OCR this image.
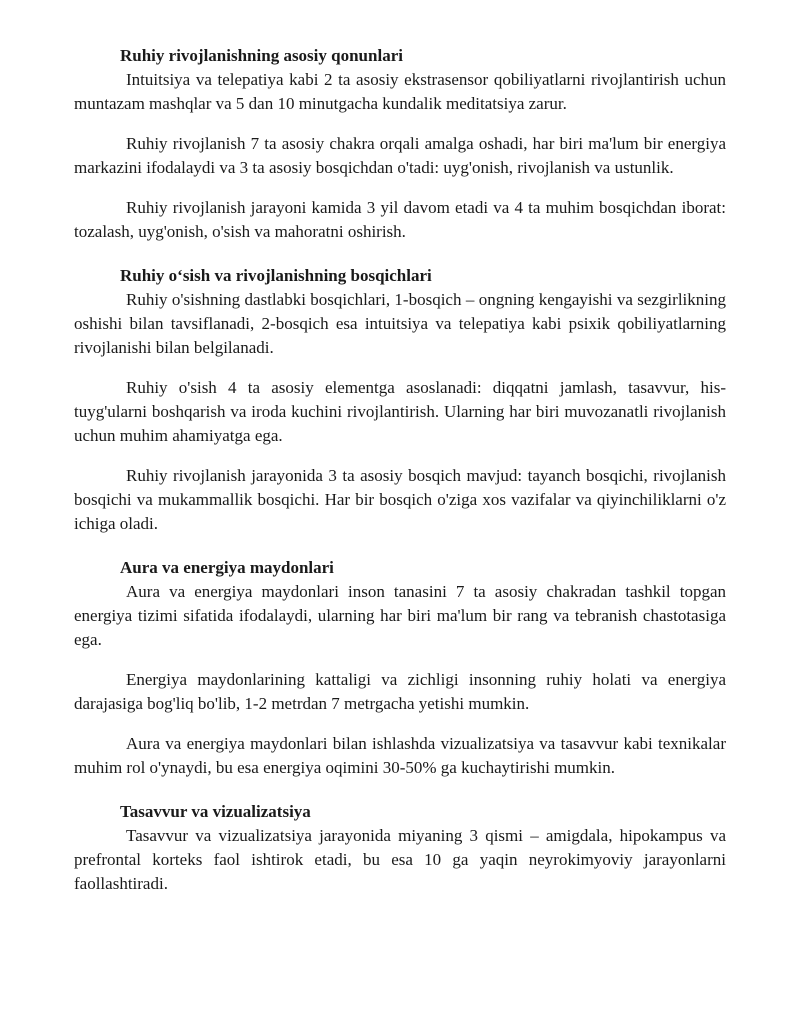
Ruhiy rivojlanishning asosiy qonunlari

Intuitsiya va telepatiya kabi 2 ta asosiy ekstrasensor qobiliyatlarni rivojlantirish uchun muntazam mashqlar va 5 dan 10 minutgacha kundalik meditatsiya zarur.

Ruhiy rivojlanish 7 ta asosiy chakra orqali amalga oshadi, har biri ma'lum bir energiya markazini ifodalaydi va 3 ta asosiy bosqichdan o'tadi: uyg'onish, rivojlanish va ustunlik.

Ruhiy rivojlanish jarayoni kamida 3 yil davom etadi va 4 ta muhim bosqichdan iborat: tozalash, uyg'onish, o'sish va mahoratni oshirish.

Ruhiy o‘sish va rivojlanishning bosqichlari

Ruhiy o'sishning dastlabki bosqichlari, 1-bosqich – ongning kengayishi va sezgirlikning oshishi bilan tavsiflanadi, 2-bosqich esa intuitsiya va telepatiya kabi psixik qobiliyatlarning rivojlanishi bilan belgilanadi.

Ruhiy o'sish 4 ta asosiy elementga asoslanadi: diqqatni jamlash, tasavvur, his-tuyg'ularni boshqarish va iroda kuchini rivojlantirish. Ularning har biri muvozanatli rivojlanish uchun muhim ahamiyatga ega.

Ruhiy rivojlanish jarayonida 3 ta asosiy bosqich mavjud: tayanch bosqichi, rivojlanish bosqichi va mukammallik bosqichi. Har bir bosqich o'ziga xos vazifalar va qiyinchiliklarni o'z ichiga oladi.

Aura va energiya maydonlari

Aura va energiya maydonlari inson tanasini 7 ta asosiy chakradan tashkil topgan energiya tizimi sifatida ifodalaydi, ularning har biri ma'lum bir rang va tebranish chastotasiga ega.

Energiya maydonlarining kattaligi va zichligi insonning ruhiy holati va energiya darajasiga bog'liq bo'lib, 1-2 metrdan 7 metrgacha yetishi mumkin.

Aura va energiya maydonlari bilan ishlashda vizualizatsiya va tasavvur kabi texnikalar muhim rol o'ynaydi, bu esa energiya oqimini 30-50% ga kuchaytirishi mumkin.

Tasavvur va vizualizatsiya

Tasavvur va vizualizatsiya jarayonida miyaning 3 qismi – amigdala, hipokampus va prefrontal korteks faol ishtirok etadi, bu esa 10 ga yaqin neyrokimyoviy jarayonlarni faollashtiradi.
